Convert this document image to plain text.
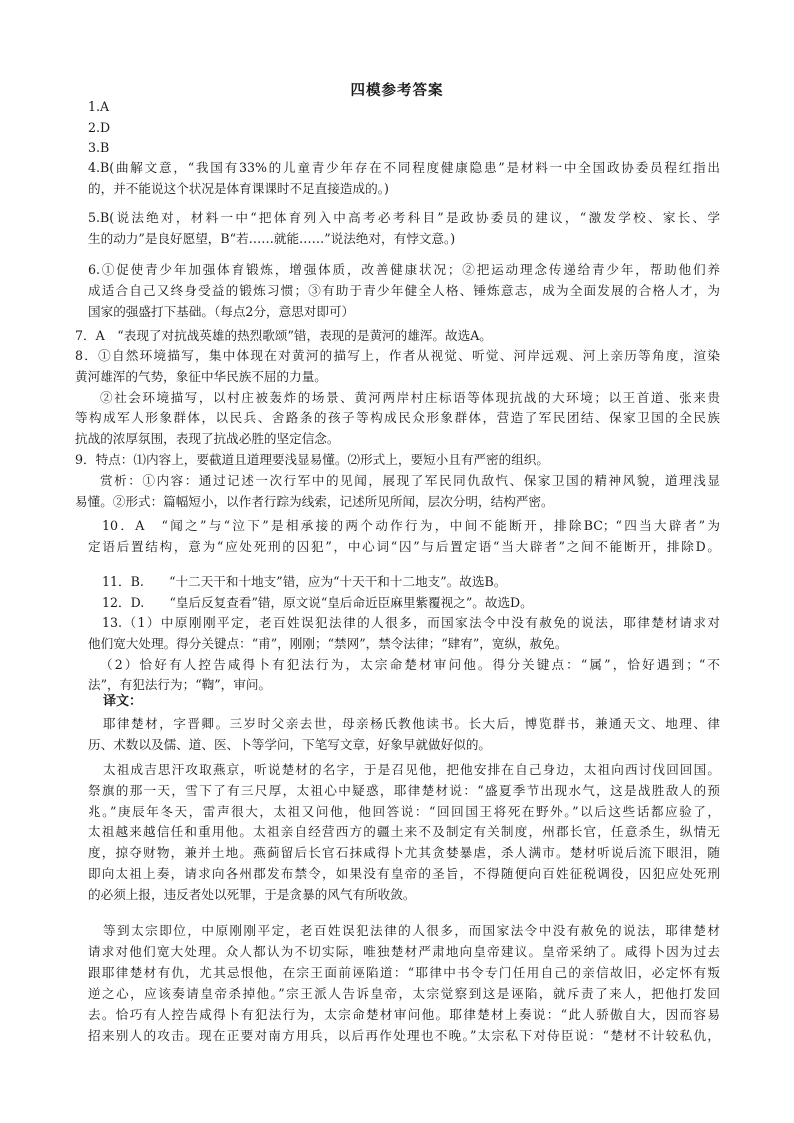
四模参考答案
1.A
2.D
3.B
4.B(曲解文意，“我国有33%的儿童青少年存在不同程度健康隐患”是材料一中全国政协委员程红指出
的，并不能说这个状况是体育课课时不足直接造成的。)
5.B(说法绝对，材料一中“把体育列入中高考必考科目”是政协委员的建议，“激发学校、家长、学
生的动力”是良好愿望，B“若……就能……”说法绝对，有悖文意。)
6.①促使青少年加强体育锻炼，增强体质，改善健康状况；②把运动理念传递给青少年，帮助他们养
成适合自己又终身受益的锻炼习惯；③有助于青少年健全人格、锤炼意志，成为全面发展的合格人才，为
国家的强盛打下基础。（每点2分，意思对即可）
7．A　“表现了对抗战英雄的热烈歌颂”错，表现的是黄河的雄浑。故选A。
8．①自然环境描写，集中体现在对黄河的描写上，作者从视觉、听觉、河岸远观、河上亲历等角度，渲染
黄河雄浑的气势，象征中华民族不屈的力量。
②社会环境描写，以村庄被轰炸的场景、黄河两岸村庄标语等体现抗战的大环境；以王首道、张来贵
等构成军人形象群体，以民兵、舍路条的孩子等构成民众形象群体，营造了军民团结、保家卫国的全民族
抗战的浓厚氛围，表现了抗战必胜的坚定信念。
9．特点：⑴内容上，要截道且道理要浅显易懂。⑵形式上，要短小且有严密的组织。
赏析：①内容：通过记述一次行军中的见闻，展现了军民同仇敌忾、保家卫国的精神风貌，道理浅显
易懂。②形式：篇幅短小，以作者行踪为线索，记述所见所闻，层次分明，结构严密。
10．A　“闻之”与“泣下”是相承接的两个动作行为，中间不能断开，排除BC；“四当大辟者”为
定语后置结构，意为“应处死刑的囚犯”，中心词“囚”与后置定语“当大辟者”之间不能断开，排除D。
11．B.　　“十二天干和十地支”错，应为“十天干和十二地支”。故选B。
12．D.　　“皇后反复查看”错，原文说“皇后命近臣麻里紫覆视之”。故选D。
13.（1）中原刚刚平定，老百姓误犯法律的人很多，而国家法令中没有赦免的说法，耶律楚材请求对
他们宽大处理。得分关键点：“甫”，刚刚；“禁网”，禁令法律；“肆宥”，宽纵，赦免。
（2）恰好有人控告咸得卜有犯法行为，太宗命楚材审问他。得分关键点：“属”，恰好遇到；“不
法”，有犯法行为；“鞫”，审问。
译文：
耶律楚材，字晋卿。三岁时父亲去世，母亲杨氏教他读书。长大后，博览群书，兼通天文、地理、律
历、术数以及儒、道、医、卜等学问，下笔写文章，好象早就做好似的。
太祖成吉思汗攻取燕京，听说楚材的名字，于是召见他，把他安排在自己身边，太祖向西讨伐回回国。
祭旗的那一天，雪下了有三尺厚，太祖心中疑惑，耶律楚材说：“盛夏季节出现水气，这是战胜敌人的预
兆。”庚辰年冬天，雷声很大，太祖又问他，他回答说：“回回国王将死在野外。”以后这些话都应验了，
太祖越来越信任和重用他。太祖亲自经营西方的疆土来不及制定有关制度，州郡长官，任意杀生，纵情无
度，掠夺财物，兼并土地。燕蓟留后长官石抹咸得卜尤其贪婪暴虐，杀人满市。楚材听说后流下眼泪，随
即向太祖上奏，请求向各州郡发布禁令，如果没有皇帝的圣旨，不得随便向百姓征税调役，囚犯应处死刑
的必须上报，违反者处以死罪，于是贪暴的风气有所收敛。
等到太宗即位，中原刚刚平定，老百姓误犯法律的人很多，而国家法令中没有赦免的说法，耶律楚材
请求对他们宽大处理。众人都认为不切实际，唯独楚材严肃地向皇帝建议。皇帝采纳了。咸得卜因为过去
跟耶律楚材有仇，尤其忌恨他，在宗王面前诬陷道：“耶律中书令专门任用自己的亲信故旧，必定怀有叛
逆之心，应该奏请皇帝杀掉他。”宗王派人告诉皇帝，太宗觉察到这是诬陷，就斥责了来人，把他打发回
去。恰巧有人控告咸得卜有犯法行为，太宗命楚材审问他。耶律楚材上奏说：“此人骄傲自大，因而容易
招来别人的攻击。现在正要对南方用兵，以后再作处理也不晚。”太宗私下对侍臣说：“楚材不计较私仇，
